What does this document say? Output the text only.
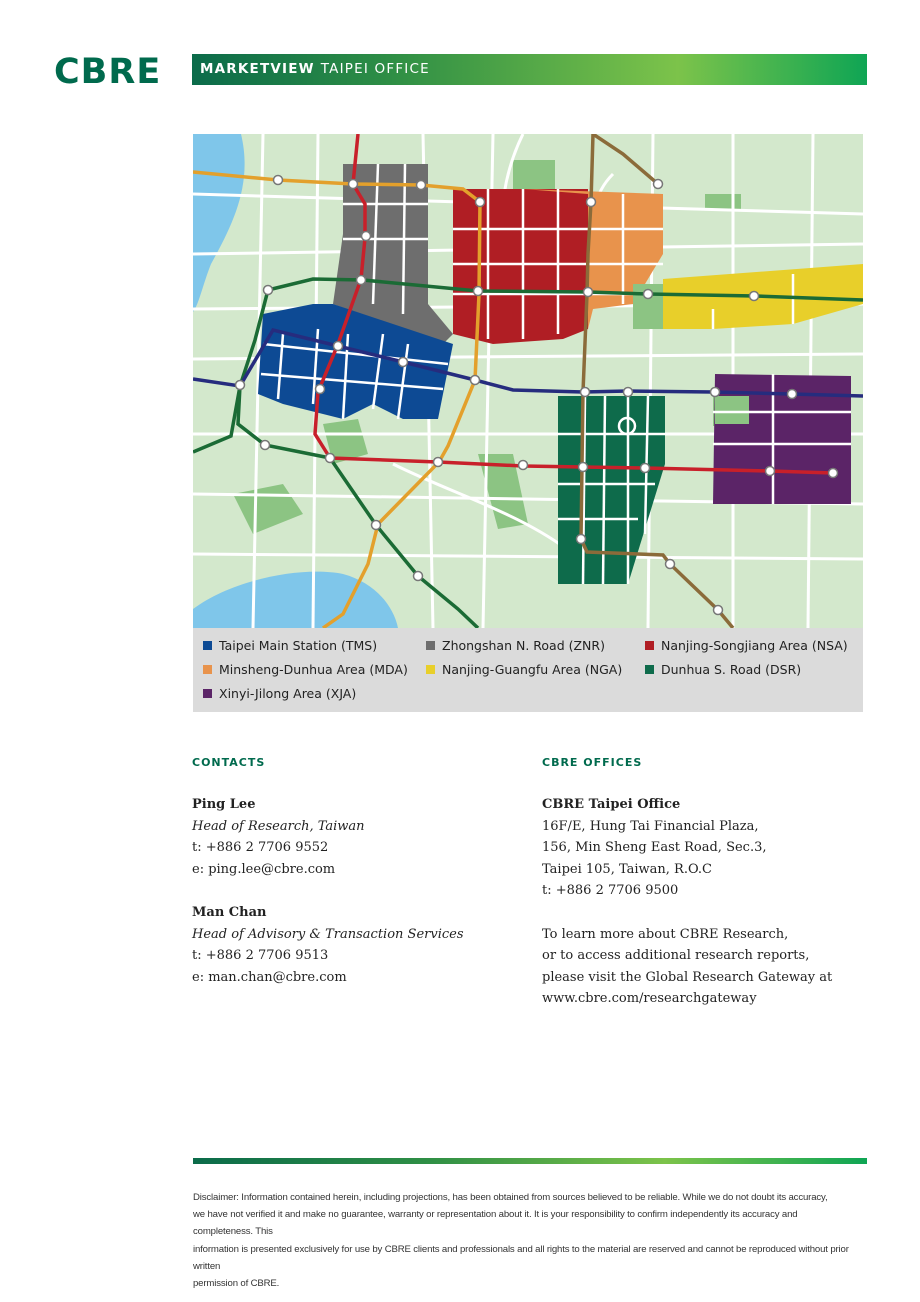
CBRE	MARKETVIEW TAIPEI OFFICE
Taipei Main Station (TMS)	Zhongshan N. Road (ZNR)	Nanjing-Songjiang Area (NSA)
Minsheng-Dunhua Area (MDA)	Nanjing-Guangfu Area (NGA)	Dunhua S. Road (DSR)
Xinyi-Jilong Area (XJA)
CONTACTS
Ping Lee
Head of Research, Taiwan
t: +886 2 7706 9552
e: ping.lee@cbre.com
Man Chan
Head of Advisory & Transaction Services
t: +886 2 7706 9513
e: man.chan@cbre.com
CBRE OFFICES
CBRE Taipei Office
16F/E, Hung Tai Financial Plaza,
156, Min Sheng East Road, Sec.3,
Taipei 105, Taiwan, R.O.C
t: +886 2 7706 9500
To learn more about CBRE Research,
or to access additional research reports,
please visit the Global Research Gateway at
www.cbre.com/researchgateway
Disclaimer: Information contained herein, including projections, has been obtained from sources believed to be reliable. While we do not doubt its accuracy,
we have not verified it and make no guarantee, warranty or representation about it. It is your responsibility to confirm independently its accuracy and completeness. This
information is presented exclusively for use by CBRE clients and professionals and all rights to the material are reserved and cannot be reproduced without prior written
permission of CBRE.
